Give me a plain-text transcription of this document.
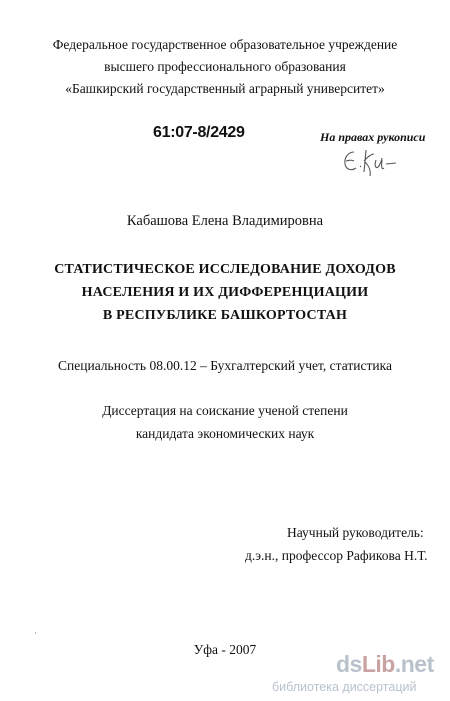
Федеральное государственное образовательное учреждение
высшего профессионального образования
«Башкирский государственный аграрный университет»
61:07-8/2429	На правах рукописи
Кабашова Елена Владимировна
СТАТИСТИЧЕСКОЕ ИССЛЕДОВАНИЕ ДОХОДОВ
НАСЕЛЕНИЯ И ИХ ДИФФЕРЕНЦИАЦИИ
В РЕСПУБЛИКЕ БАШКОРТОСТАН
Специальность 08.00.12 – Бухгалтерский учет, статистика
Диссертация на соискание ученой степени
кандидата экономических наук
Научный руководитель:
д.э.н., профессор Рафикова Н.Т.
·
Уфа - 2007
dsLib.net
библиотека диссертаций
